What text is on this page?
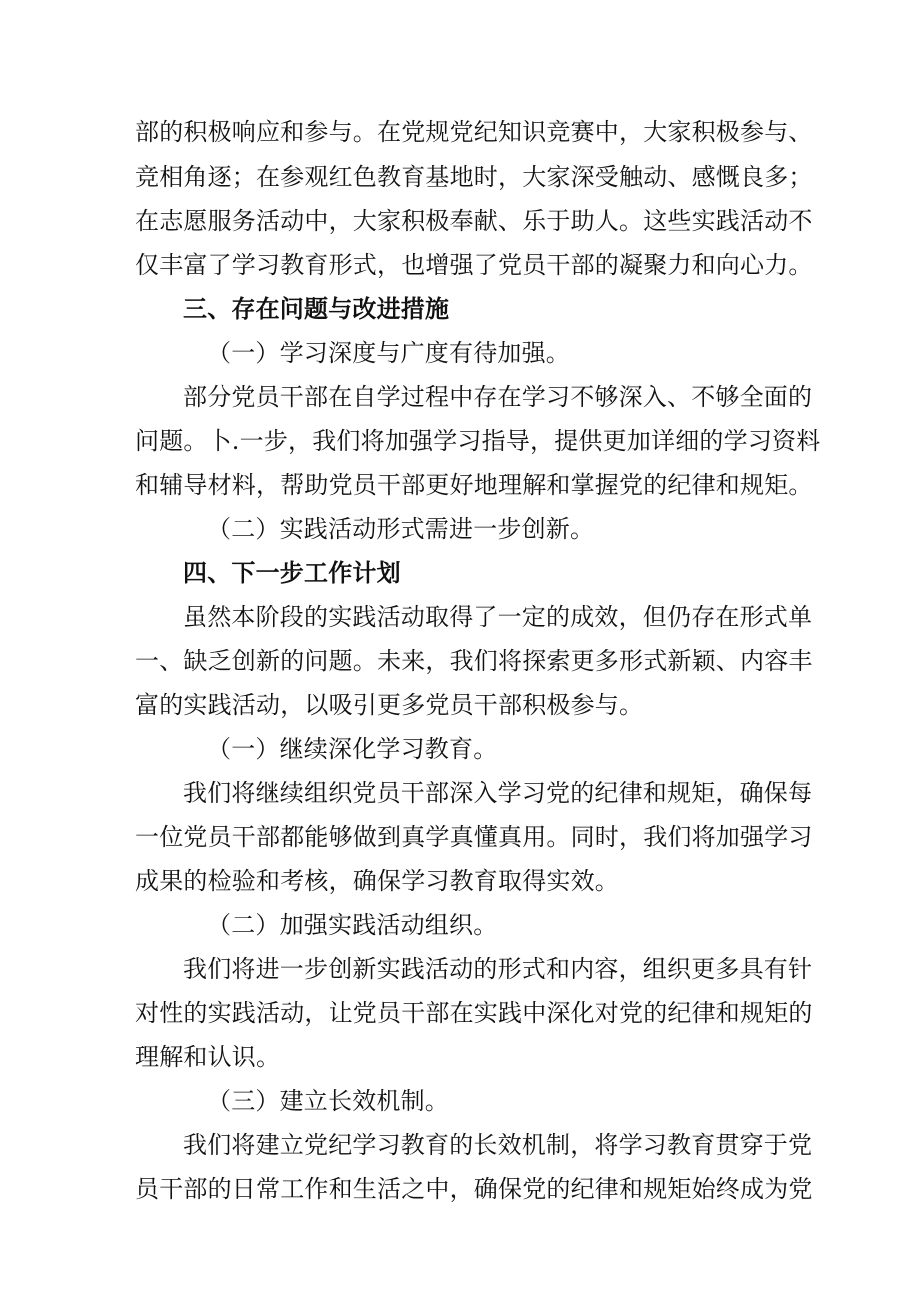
部的积极响应和参与。在党规党纪知识竞赛中，大家积极参与、
竞相角逐；在参观红色教育基地时，大家深受触动、感慨良多；
在志愿服务活动中，大家积极奉献、乐于助人。这些实践活动不
仅丰富了学习教育形式，也增强了党员干部的凝聚力和向心力。
三、存在问题与改进措施
（一）学习深度与广度有待加强。
部分党员干部在自学过程中存在学习不够深入、不够全面的
问题。卜.一步，我们将加强学习指导，提供更加详细的学习资料
和辅导材料，帮助党员干部更好地理解和掌握党的纪律和规矩。
（二）实践活动形式需进一步创新。
四、下一步工作计划
虽然本阶段的实践活动取得了一定的成效，但仍存在形式单
一、缺乏创新的问题。未来，我们将探索更多形式新颖、内容丰
富的实践活动，以吸引更多党员干部积极参与。
（一）继续深化学习教育。
我们将继续组织党员干部深入学习党的纪律和规矩，确保每
一位党员干部都能够做到真学真懂真用。同时，我们将加强学习
成果的检验和考核，确保学习教育取得实效。
（二）加强实践活动组织。
我们将进一步创新实践活动的形式和内容，组织更多具有针
对性的实践活动，让党员干部在实践中深化对党的纪律和规矩的
理解和认识。
（三）建立长效机制。
我们将建立党纪学习教育的长效机制，将学习教育贯穿于党
员干部的日常工作和生活之中，确保党的纪律和规矩始终成为党
